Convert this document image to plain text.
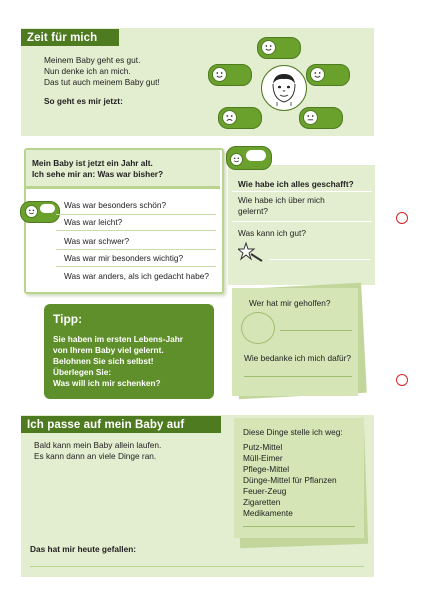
Zeit für mich
Meinem Baby geht es gut.
Nun denke ich an mich.
Das tut auch meinem Baby gut!
So geht es mir jetzt:
Mein Baby ist jetzt ein Jahr alt.
Ich sehe mir an: Was war bisher?
Was war besonders schön?
Was war leicht?
Was war schwer?
Was war mir besonders wichtig?
Was war anders, als ich gedacht habe?
Wie habe ich alles geschafft?
Wie habe ich über mich
gelernt?
Was kann ich gut?
Wer hat mir geholfen?
Wie bedanke ich mich dafür?
Tipp:
Sie haben im ersten Lebens-Jahr
von Ihrem Baby viel gelernt.
Belohnen Sie sich selbst!
Überlegen Sie:
Was will ich mir schenken?
Ich passe auf mein Baby auf
Bald kann mein Baby allein laufen.
Es kann dann an viele Dinge ran.
Diese Dinge stelle ich weg:
Putz-Mittel
Müll-Eimer
Pflege-Mittel
Dünge-Mittel für Pflanzen
Feuer-Zeug
Zigaretten
Medikamente
Das hat mir heute gefallen:
